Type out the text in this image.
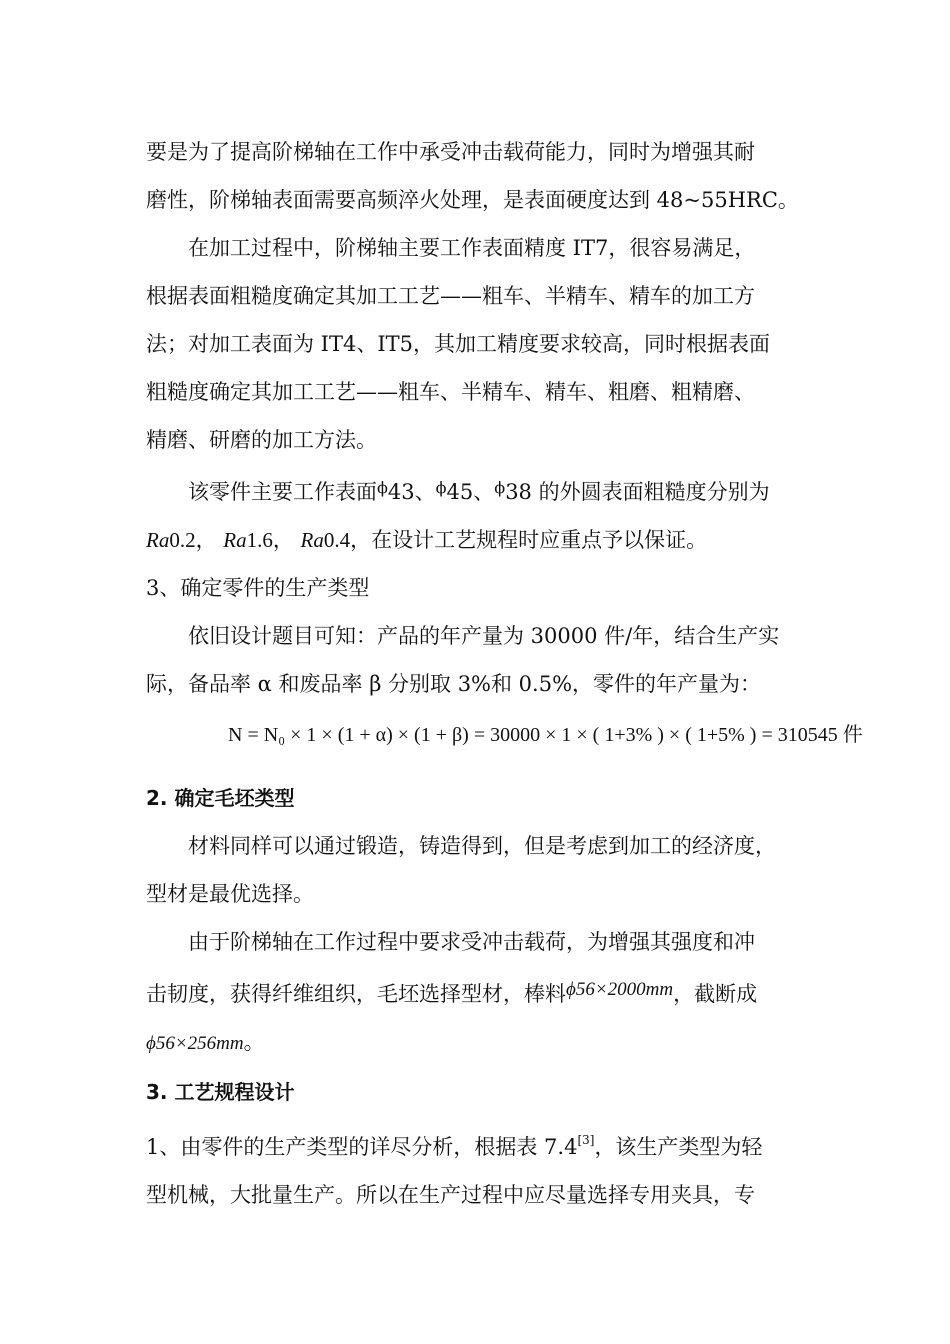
要是为了提高阶梯轴在工作中承受冲击载荷能力，同时为增强其耐

磨性，阶梯轴表面需要高频淬火处理，是表面硬度达到 48~55HRC。

在加工过程中，阶梯轴主要工作表面精度 IT7，很容易满足，

根据表面粗糙度确定其加工工艺——粗车、半精车、精车的加工方

法；对加工表面为 IT4、IT5，其加工精度要求较高，同时根据表面

粗糙度确定其加工工艺——粗车、半精车、精车、粗磨、粗精磨、

精磨、研磨的加工方法。

该零件主要工作表面$^\phi$43、$^\phi$45、$^\phi$38 的外圆表面粗糙度分别为

Ra0.2， Ra1.6， Ra0.4，在设计工艺规程时应重点予以保证。

3、确定零件的生产类型

依旧设计题目可知：产品的年产量为 30000 件/年，结合生产实

际，备品率 α 和废品率 β 分别取 3%和 0.5%，零件的年产量为：

N = N₀ × 1 × (1 + α) × (1 + β) = 30000 × 1 × ( 1+3% ) × ( 1+5% ) = 310545 件

2. 确定毛坯类型

材料同样可以通过锻造，铸造得到，但是考虑到加工的经济度，

型材是最优选择。

由于阶梯轴在工作过程中要求受冲击载荷，为增强其强度和冲

击韧度，获得纤维组织，毛坯选择型材，棒料ϕ56×2000mm，截断成

ϕ56×256mm。

3. 工艺规程设计

1、由零件的生产类型的详尽分析，根据表 7.4[3]，该生产类型为轻

型机械，大批量生产。所以在生产过程中应尽量选择专用夹具，专
